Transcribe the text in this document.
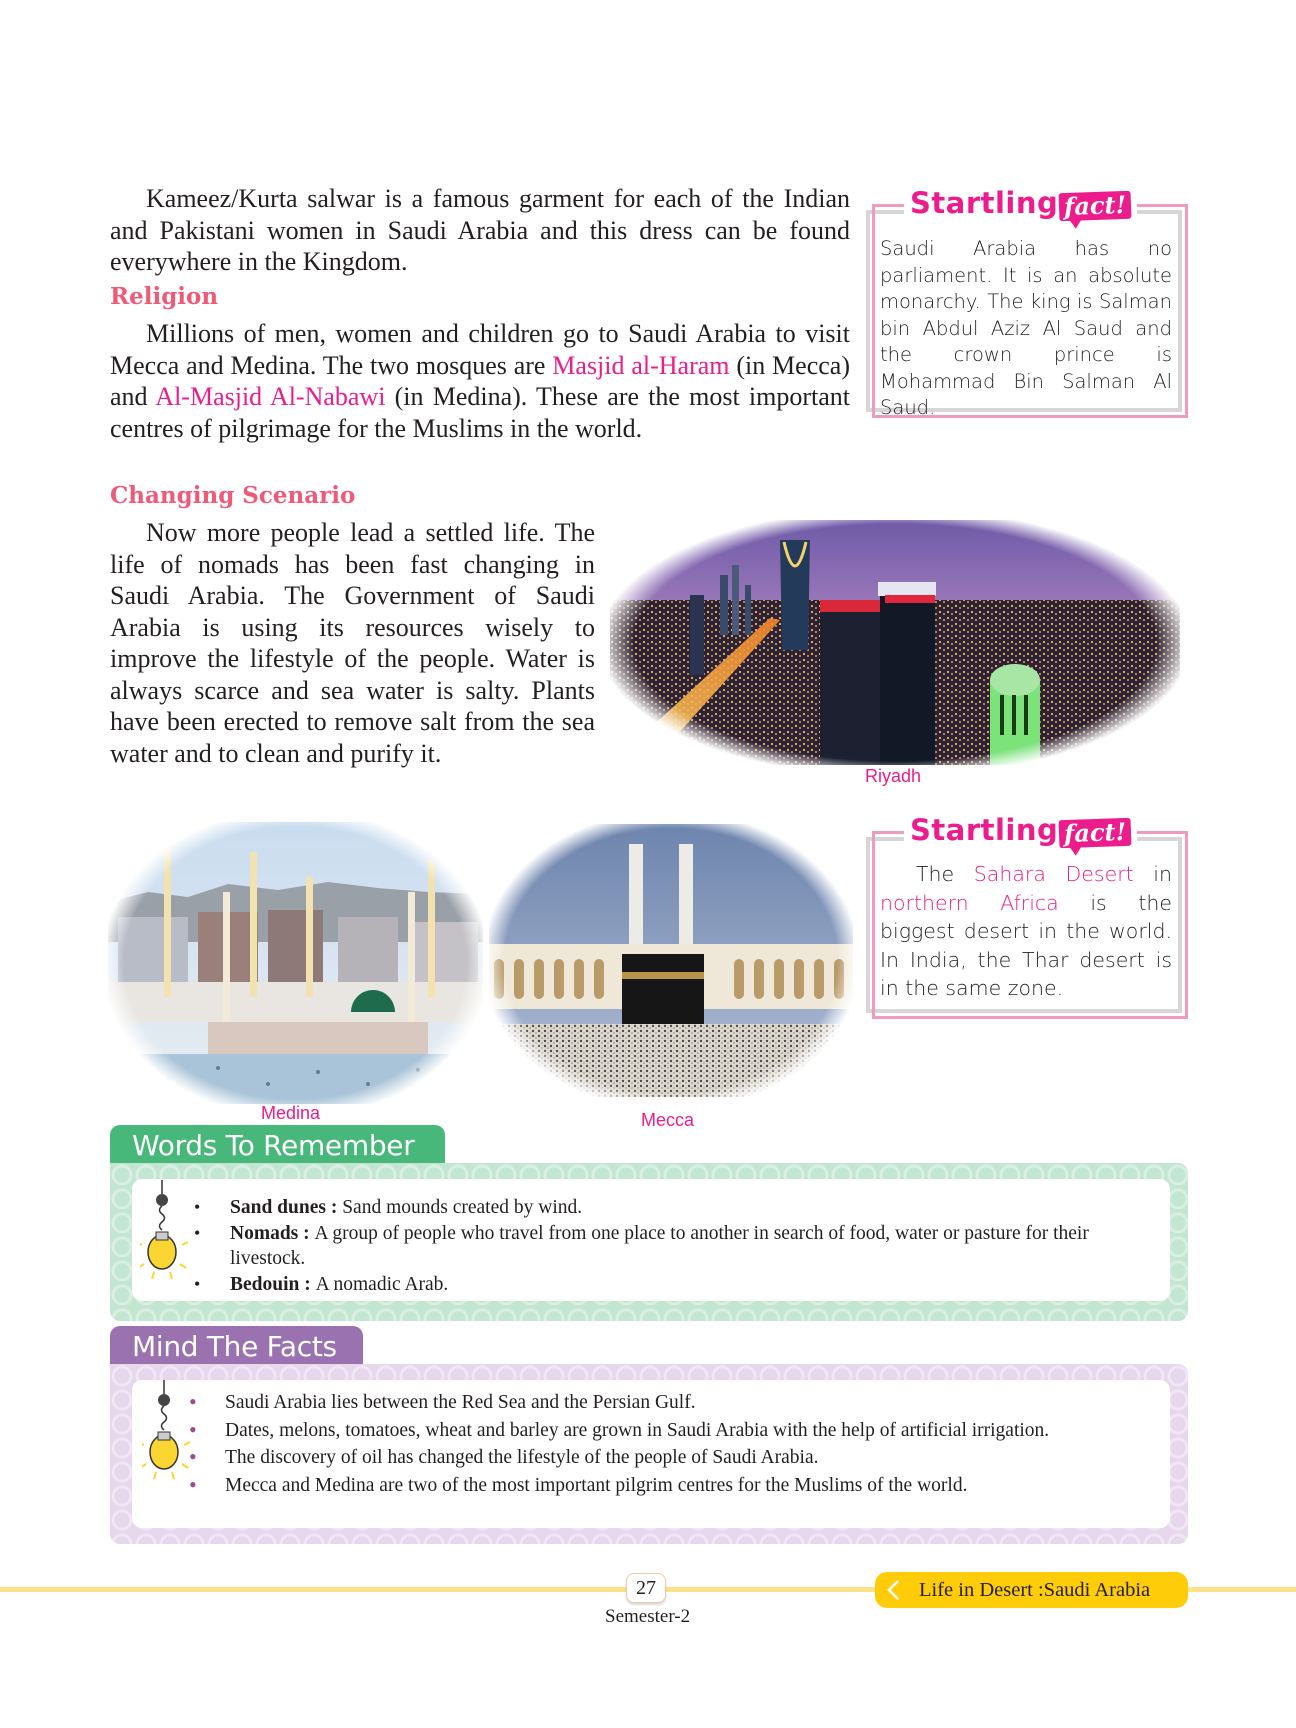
Kameez/Kurta salwar is a famous garment for each of the Indian and Pakistani women in Saudi Arabia and this dress can be found everywhere in the Kingdom.

Religion

Millions of men, women and children go to Saudi Arabia to visit Mecca and Medina. The two mosques are Masjid al-Haram (in Mecca) and Al-Masjid Al-Nabawi (in Medina). These are the most important centres of pilgrimage for the Muslims in the world.

Changing Scenario

Now more people lead a settled life. The life of nomads has been fast changing in Saudi Arabia. The Government of Saudi Arabia is using its resources wisely to improve the lifestyle of the people. Water is always scarce and sea water is salty. Plants have been erected to remove salt from the sea water and to clean and purify it.

Startling fact!

Saudi Arabia has no parliament. It is an absolute monarchy. The king is Salman bin Abdul Aziz Al Saud and the crown prince is Mohammad Bin Salman Al Saud.

Riyadh
Startling fact!

The Sahara Desert in northern Africa is the biggest desert in the world. In India, the Thar desert is in the same zone.

Medina	Mecca
Words To Remember
• Sand dunes : Sand mounds created by wind.
• Nomads : A group of people who travel from one place to another in search of food, water or pasture for their livestock.
• Bedouin : A nomadic Arab.
Mind The Facts
• Saudi Arabia lies between the Red Sea and the Persian Gulf.
• Dates, melons, tomatoes, wheat and barley are grown in Saudi Arabia with the help of artificial irrigation.
• The discovery of oil has changed the lifestyle of the people of Saudi Arabia.
• Mecca and Medina are two of the most important pilgrim centres for the Muslims of the world.
27
Semester-2
Life in Desert :Saudi Arabia
